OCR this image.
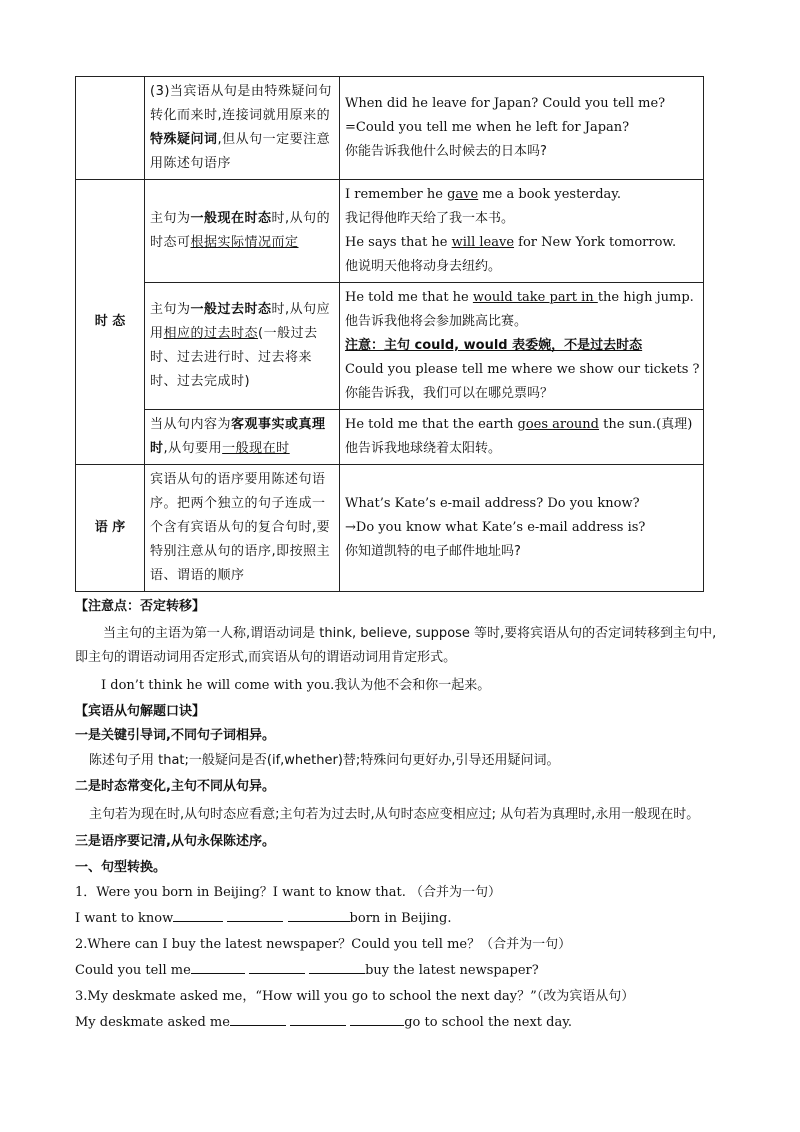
	(3)当宾语从句是由特殊疑问句转化而来时,连接词就用原来的特殊疑问词,但从句一定要注意用陈述句语序	When did he leave for Japan? Could you tell me?
=Could you tell me when he left for Japan?
你能告诉我他什么时候去的日本吗?

时 态	主句为一般现在时态时,从句的时态可根据实际情况而定	I remember he gave me a book yesterday.
我记得他昨天给了我一本书。
He says that he will leave for New York tomorrow.
他说明天他将动身去纽约。

	主句为一般过去时态时,从句应用相应的过去时态(一般过去时、过去进行时、过去将来时、过去完成时)	He told me that he would take part in the high jump.
他告诉我他将会参加跳高比赛。
注意：主句 could, would 表委婉，不是过去时态
Could you please tell me where we show our tickets ?
你能告诉我，我们可以在哪兑票吗？

	当从句内容为客观事实或真理时,从句要用一般现在时	He told me that the earth goes around the sun.(真理)
他告诉我地球绕着太阳转。

语 序	宾语从句的语序要用陈述句语序。把两个独立的句子连成一个含有宾语从句的复合句时,要特别注意从句的语序,即按照主语、谓语的顺序	What’s Kate’s e-mail address? Do you know?
→Do you know what Kate’s e-mail address is?
你知道凯特的电子邮件地址吗?
【注意点：否定转移】
当主句的主语为第一人称,谓语动词是 think, believe, suppose 等时,要将宾语从句的否定词转移到主句中,即主句的谓语动词用否定形式,而宾语从句的谓语动词用肯定形式。
I don’t think he will come with you.我认为他不会和你一起来。
【宾语从句解题口诀】
一是关键引导词,不同句子词相异。
陈述句子用 that;一般疑问是否(if,whether)替;特殊问句更好办,引导还用疑问词。
二是时态常变化,主句不同从句异。
主句若为现在时,从句时态应看意;主句若为过去时,从句时态应变相应过; 从句若为真理时,永用一般现在时。
三是语序要记清,从句永保陈述序。
一、句型转换。
1．Were you born in Beijing？I want to know that. （合并为一句）
I want to know	born in Beijing.
2.Where can I buy the latest newspaper？Could you tell me？（合并为一句）
Could you tell me	buy the latest newspaper?
3.My deskmate asked me，“How will you go to school the next day？”（改为宾语从句）
My deskmate asked me	go to school the next day.
